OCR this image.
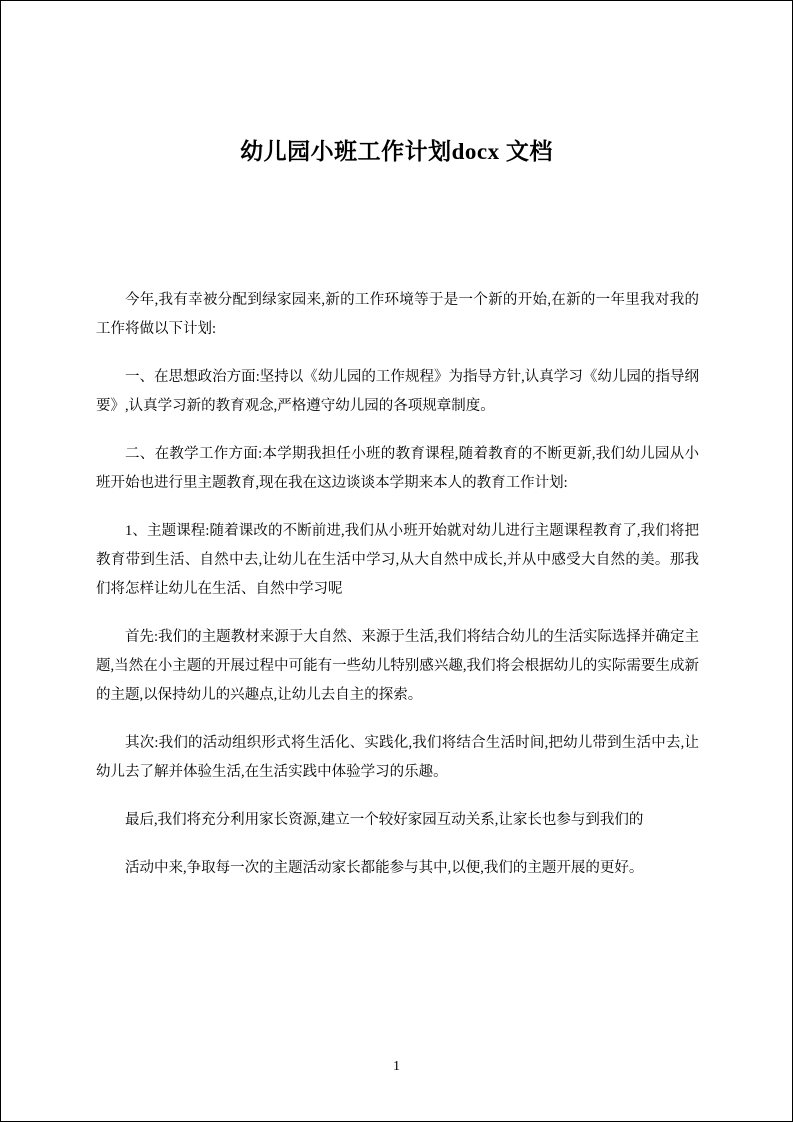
幼儿园小班工作计划docx 文档

今年,我有幸被分配到绿家园来,新的工作环境等于是一个新的开始,在新的一年里我对我的工作将做以下计划:

一、在思想政治方面:坚持以《幼儿园的工作规程》为指导方针,认真学习《幼儿园的指导纲要》,认真学习新的教育观念,严格遵守幼儿园的各项规章制度。

二、在教学工作方面:本学期我担任小班的教育课程,随着教育的不断更新,我们幼儿园从小班开始也进行里主题教育,现在我在这边谈谈本学期来本人的教育工作计划:

1、主题课程:随着课改的不断前进,我们从小班开始就对幼儿进行主题课程教育了,我们将把教育带到生活、自然中去,让幼儿在生活中学习,从大自然中成长,并从中感受大自然的美。那我们将怎样让幼儿在生活、自然中学习呢

首先:我们的主题教材来源于大自然、来源于生活,我们将结合幼儿的生活实际选择并确定主题,当然在小主题的开展过程中可能有一些幼儿特别感兴趣,我们将会根据幼儿的实际需要生成新的主题,以保持幼儿的兴趣点,让幼儿去自主的探索。

其次:我们的活动组织形式将生活化、实践化,我们将结合生活时间,把幼儿带到生活中去,让幼儿去了解并体验生活,在生活实践中体验学习的乐趣。

最后,我们将充分利用家长资源,建立一个较好家园互动关系,让家长也参与到我们的

活动中来,争取每一次的主题活动家长都能参与其中,以便,我们的主题开展的更好。

1
